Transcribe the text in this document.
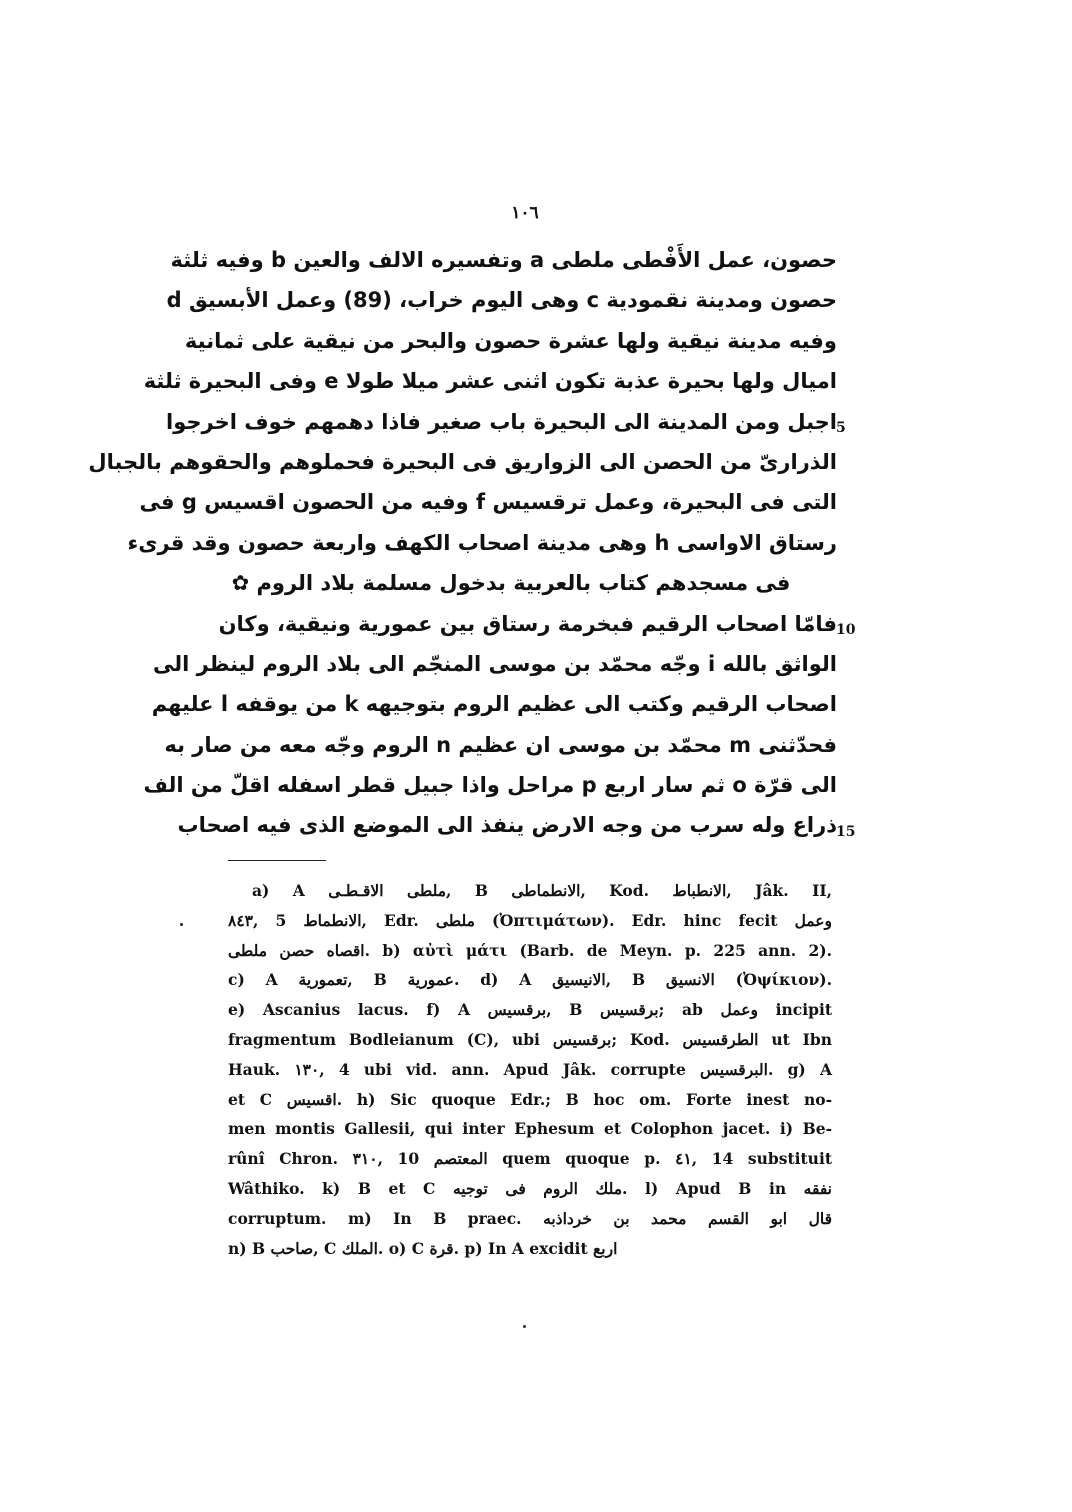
١٠٦
حصون، عمل الأَفْطى ملطى a وتفسيره الالف والعين b وفيه ثلثة
حصون ومدينة نقمودية c وهى اليوم خراب، (89) وعمل الأبسيق d
وفيه مدينة نيقية ولها عشرة حصون والبحر من نيقية على ثمانية
اميال ولها بحيرة عذبة تكون اثنى عشر ميلا طولا e وفى البحيرة ثلثة
اجبل ومن المدينة الى البحيرة باب صغير فاذا دهمهم خوف اخرجوا
الذرارىّ من الحصن الى الزواريق فى البحيرة فحملوهم والحقوهم بالجبال
التى فى البحيرة، وعمل ترقسيس f وفيه من الحصون اقسيس g فى
رستاق الاواسى h وهى مدينة اصحاب الكهف واربعة حصون وقد قرىء
فى مسجدهم كتاب بالعربية بدخول مسلمة بلاد الروم ✿
فامّا اصحاب الرقيم فبخرمة رستاق بين عمورية ونيقية، وكان
الواثق بالله i وجّه محمّد بن موسى المنجّم الى بلاد الروم لينظر الى
اصحاب الرقيم وكتب الى عظيم الروم بتوجيهه k من يوقفه l عليهم
فحدّثنى m محمّد بن موسى ان عظيم n الروم وجّه معه من صار به
الى قرّة o ثم سار اربع p مراحل واذا جبيل قطر اسفله اقلّ من الف
ذراع وله سرب من وجه الارض ينفذ الى الموضع الذى فيه اصحاب
5
10
15
a) A ملطى الاقـطـى, B الانطماطى, Kod. الانطباط, Jâk. II,
٨٤٣, 5 الانطماط, Edr. ملطى (Ὀπτιμάτων). Edr. hinc fecit وعمل
اقصاه حصن ملطى. b) αὐτὶ μάτι (Barb. de Meyn. p. 225 ann. 2).
c) A تعمورية, B عمورية. d) A الانيسيق, B الانسيق (Ὀψίκιον).
e) Ascanius lacus. f) A برقسيس, B برقسيس; ab وعمل incipit
fragmentum Bodleianum (C), ubi برقسيس; Kod. الطرقسيس ut Ibn
Hauk. ١٣٠, 4 ubi vid. ann. Apud Jâk. corrupte البرقسيس. g) A
et C اقسيس. h) Sic quoque Edr.; B hoc om. Forte inest no-
men montis Gallesii, qui inter Ephesum et Colophon jacet. i) Be-
rûnî Chron. ٣١٠, 10 المعتصم quem quoque p. ٤١, 14 substituit
Wâthiko. k) B et C ملك الروم فى توجيه. l) Apud B in نفقه
corruptum. m) In B praec. قال ابو القسم محمد بن خرداذبه
n) B صاحب, C الملك. o) C قرة. p) In A excidit اربع
